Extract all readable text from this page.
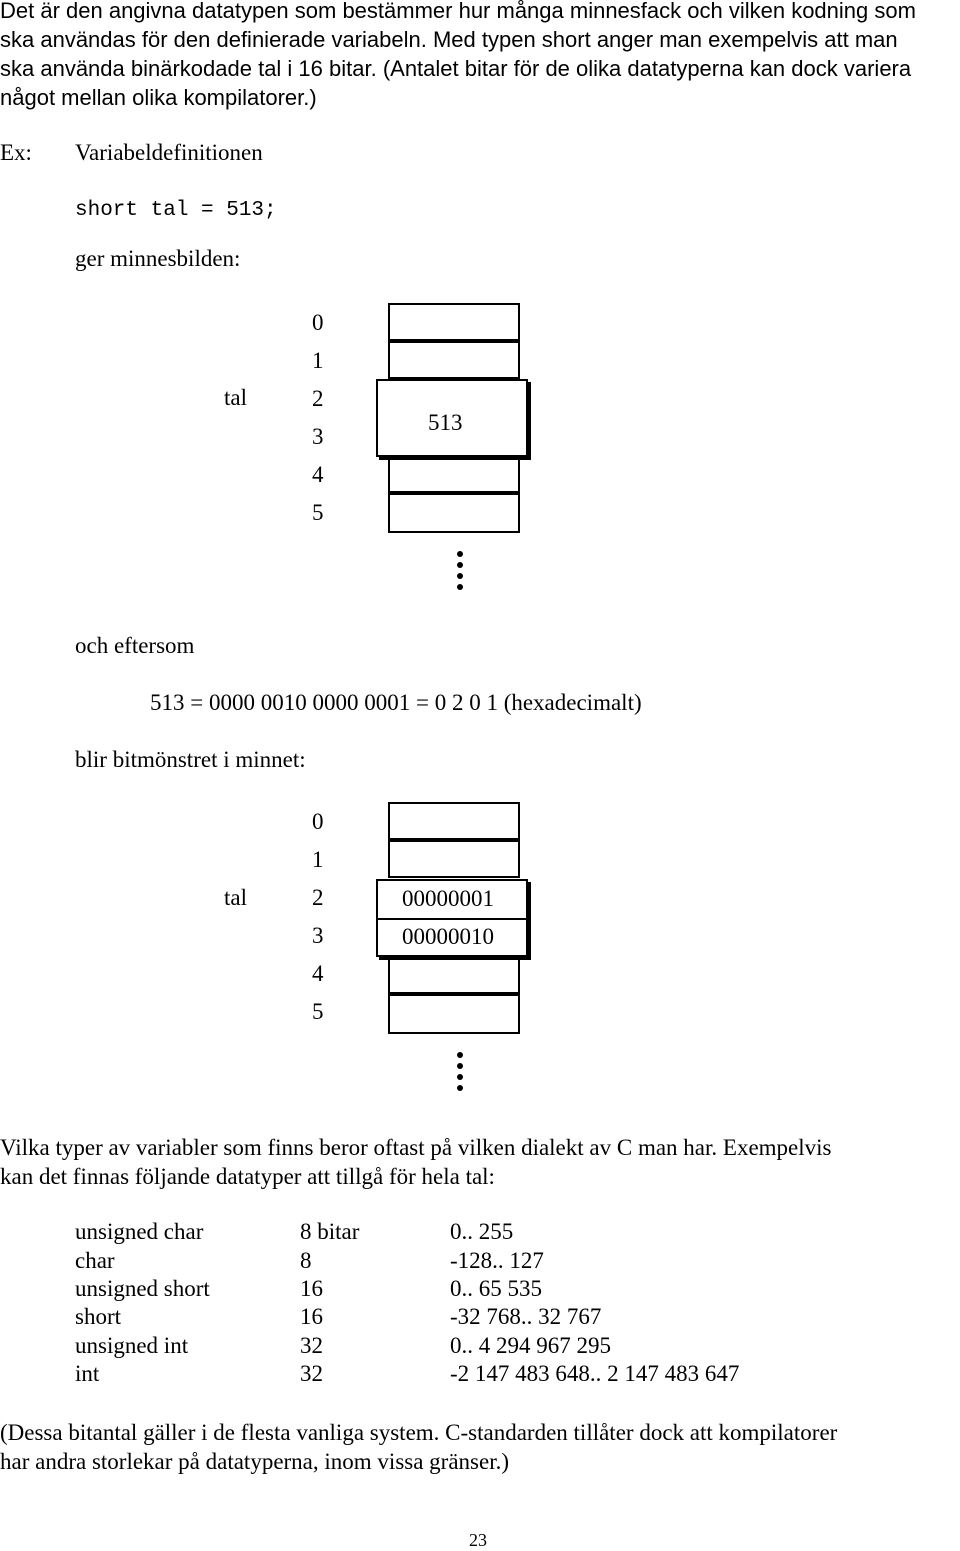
Det är den angivna datatypen som bestämmer hur många minnesfack och vilken kodning som
ska användas för den definierade variabeln. Med typen short anger man exempelvis att man
ska använda binärkodade tal i 16 bitar. (Antalet bitar för de olika datatyperna kan dock variera
något mellan olika kompilatorer.)
Ex: Variabeldefinitionen
short tal = 513;
ger minnesbilden:
tal
0
1
2
3
4
5
513
och eftersom
513 = 0000 0010 0000 0001 = 0 2 0 1 (hexadecimalt)
blir bitmönstret i minnet:
tal
0
1
2
3
4
5
00000001
00000010
Vilka typer av variabler som finns beror oftast på vilken dialekt av C man har. Exempelvis
kan det finnas följande datatyper att tillgå för hela tal:
unsigned char	8 bitar	0.. 255
char	8	-128.. 127
unsigned short	16	0.. 65 535
short	16	-32 768.. 32 767
unsigned int	32	0.. 4 294 967 295
int	32	-2 147 483 648.. 2 147 483 647
(Dessa bitantal gäller i de flesta vanliga system. C-standarden tillåter dock att kompilatorer
har andra storlekar på datatyperna, inom vissa gränser.)
23
